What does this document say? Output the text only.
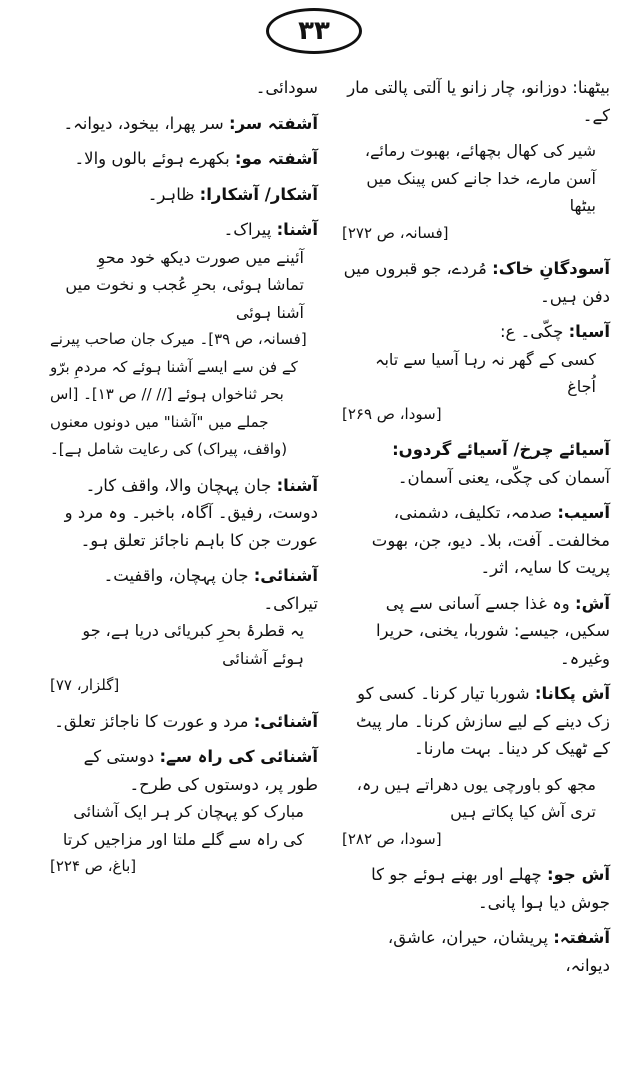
۳۳
بیٹھنا: دوزانو، چار زانو یا آلتی پالتی مار کے۔
شیر کی کھال بچھائے، بھبوت رمائے، آسن مارے، خدا جانے کس پینک میں بیٹھا
[فسانہ، ص ۲۷۲]
آسودگانِ خاک: مُردے، جو قبروں میں دفن ہیں۔
آسیا: چکّی۔ ع:
کسی کے گھر نہ رہا آسیا سے تابہ اُجاغ
[سودا، ص ۲۶۹]
آسیائے چرخ/ آسیائے گردوں: آسمان کی چکّی، یعنی آسمان۔
آسیب: صدمہ، تکلیف، دشمنی، مخالفت۔ آفت، بلا۔ دیو، جن، بھوت پریت کا سایہ، اثر۔
آش: وہ غذا جسے آسانی سے پی سکیں، جیسے: شوربا، یخنی، حریرا وغیرہ۔
آش پکانا: شوربا تیار کرنا۔ کسی کو زک دینے کے لیے سازش کرنا۔ مار پیٹ کے ٹھیک کر دینا۔ بہت مارنا۔
مجھ کو باورچی یوں دھراتے ہیں رہ، تری آش کیا پکاتے ہیں
[سودا، ص ۲۸۲]
آش جو: چھلے اور بھنے ہوئے جو کا جوش دیا ہوا پانی۔
آشفتہ: پریشان، حیران، عاشق، دیوانہ،
سودائی۔
آشفتہ سر: سر پھرا، بیخود، دیوانہ۔
آشفتہ مو: بکھرے ہوئے بالوں والا۔
آشکار/ آشکارا: ظاہر۔
آشنا: پیراک۔
آئینے میں صورت دیکھ خود محوِ تماشا ہوئی، بحرِ عُجب و نخوت میں آشنا ہوئی
[فسانہ، ص ۳۹]۔ میرک جان صاحب پیرنے کے فن سے ایسے آشنا ہوئے کہ مردمِ برّو بحر ثناخواں ہوئے [// // ص ۱۳]۔ [اس جملے میں "آشنا" میں دونوں معنوں (واقف، پیراک) کی رعایت شامل ہے]۔
آشنا: جان پہچان والا، واقف کار۔ دوست، رفیق۔ آگاہ، باخبر۔ وہ مرد و عورت جن کا باہم ناجائز تعلق ہو۔
آشنائی: جان پہچان، واقفیت۔ تیراکی۔
یہ قطرۂ بحرِ کبریائی دریا ہے، جو ہوئے آشنائی
[گلزار، ۷۷]
آشنائی: مرد و عورت کا ناجائز تعلق۔
آشنائی کی راہ سے: دوستی کے طور پر، دوستوں کی طرح۔
مبارک کو پہچان کر ہر ایک آشنائی کی راہ سے گلے ملتا اور مزاجیں کرتا
[باغ، ص ۲۲۴]
